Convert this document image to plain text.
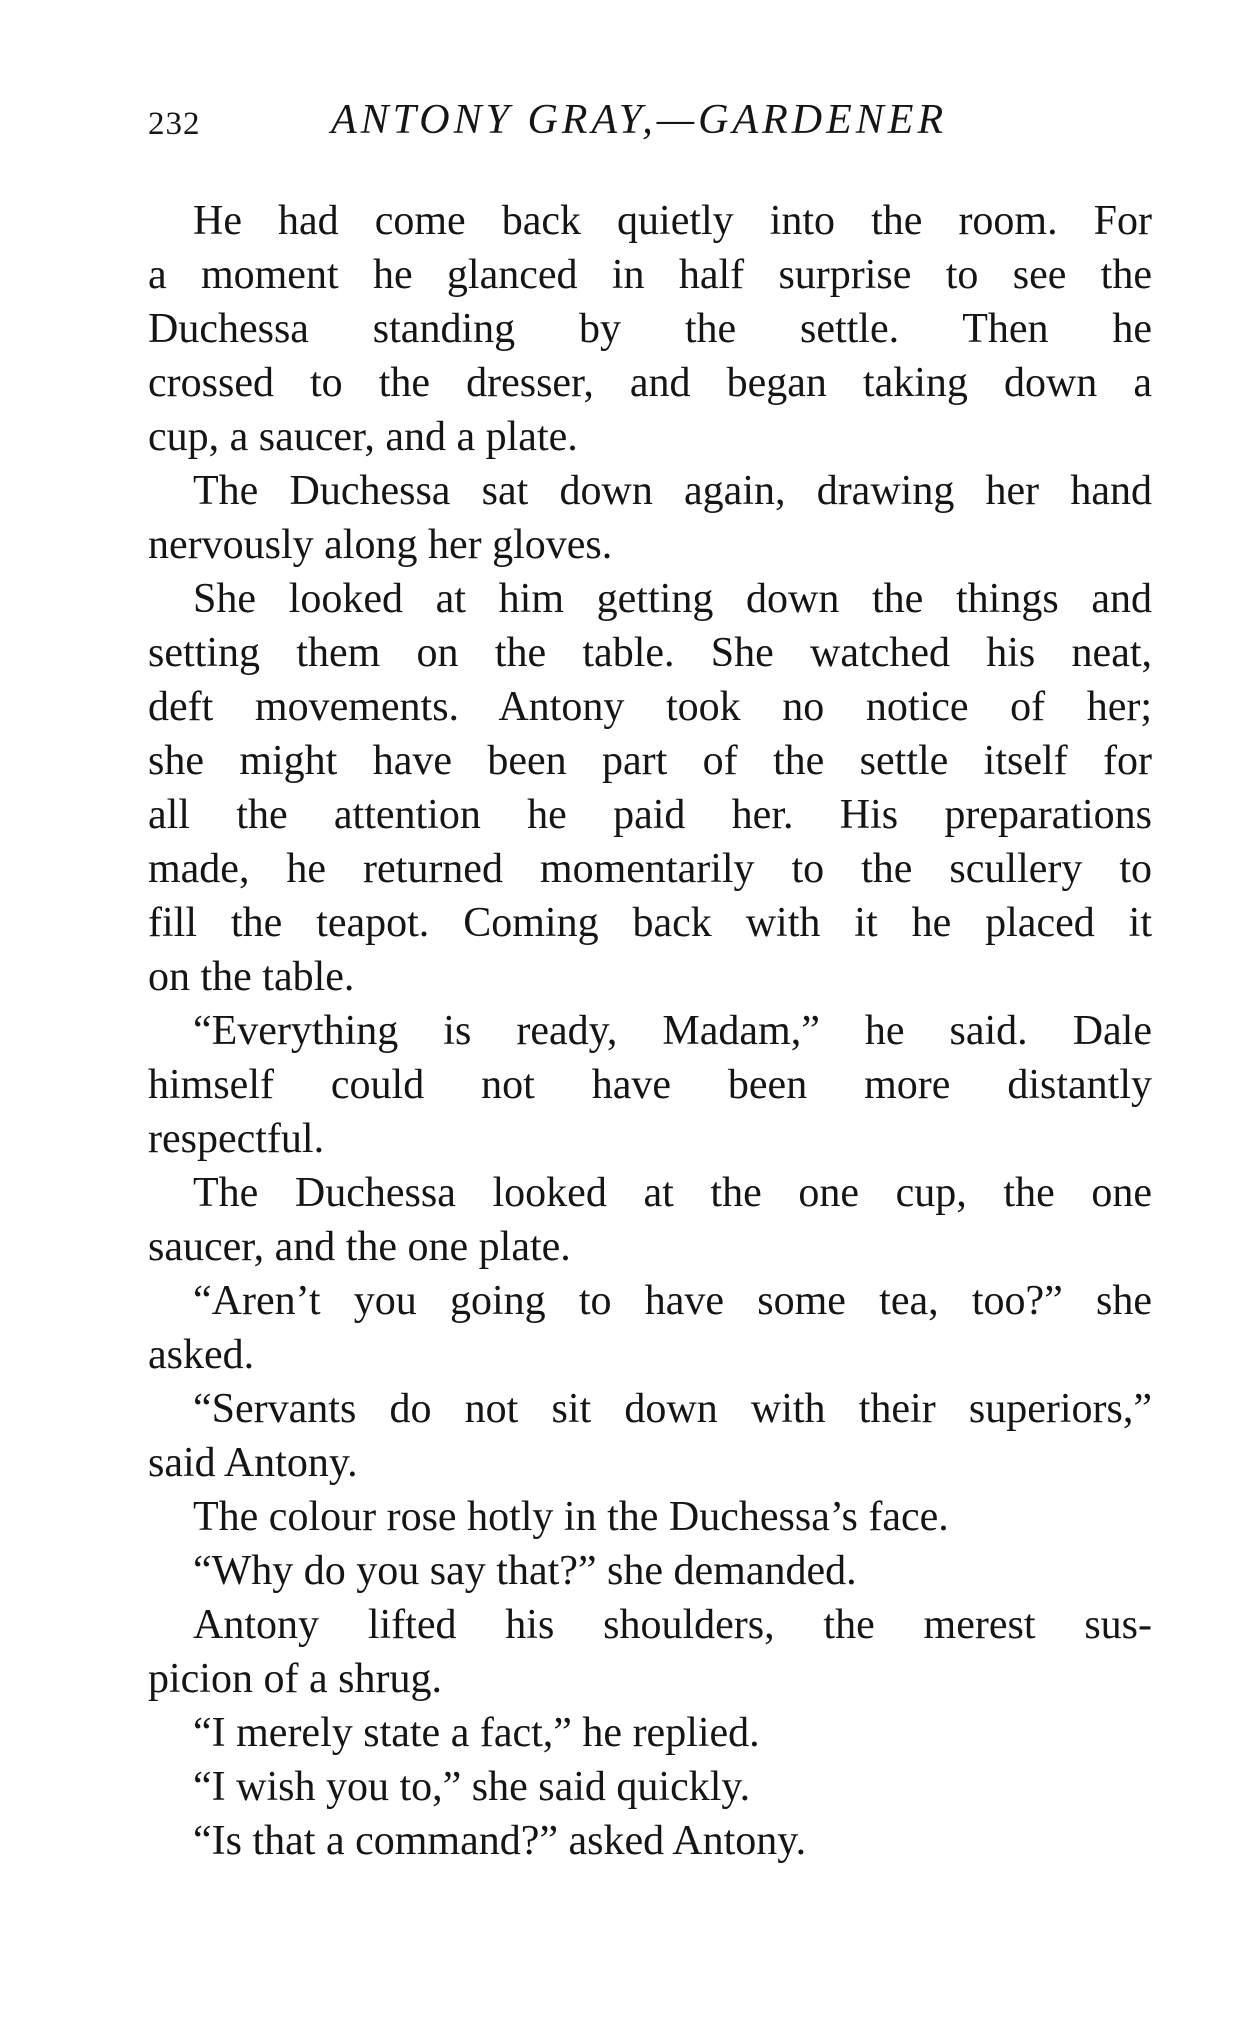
232	ANTONY GRAY,—GARDENER

He had come back quietly into the room. For
a moment he glanced in half surprise to see the
Duchessa standing by the settle. Then he
crossed to the dresser, and began taking down a
cup, a saucer, and a plate.

The Duchessa sat down again, drawing her hand
nervously along her gloves.

She looked at him getting down the things and
setting them on the table. She watched his neat,
deft movements. Antony took no notice of her;
she might have been part of the settle itself for
all the attention he paid her. His preparations
made, he returned momentarily to the scullery to
fill the teapot. Coming back with it he placed it
on the table.

“Everything is ready, Madam,” he said. Dale
himself could not have been more distantly
respectful.

The Duchessa looked at the one cup, the one
saucer, and the one plate.

“Aren’t you going to have some tea, too?” she
asked.

“Servants do not sit down with their superiors,”
said Antony.

The colour rose hotly in the Duchessa’s face.

“Why do you say that?” she demanded.

Antony lifted his shoulders, the merest sus-
picion of a shrug.

“I merely state a fact,” he replied.

“I wish you to,” she said quickly.

“Is that a command?” asked Antony.
